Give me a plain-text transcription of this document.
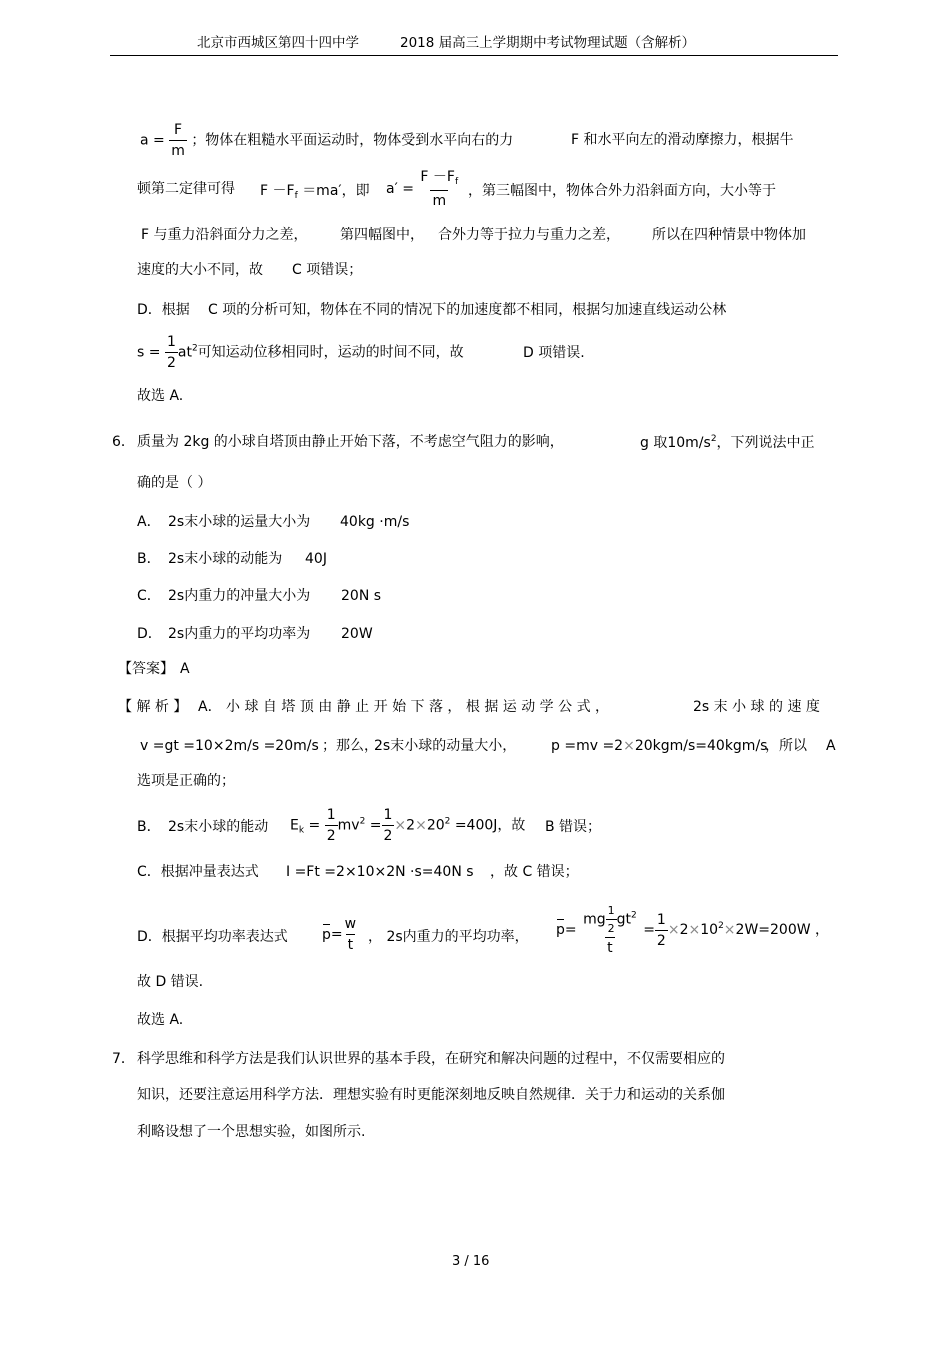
北京市西城区第四十四中学	2018 届高三上学期期中考试物理试题（含解析）
$a = \frac{F}{m}$ ；物体在粗糙水平面运动时，物体受到水平向右的力	F 和水平向左的滑动摩擦力，根据牛
顿第二定律可得 $F -F_f =ma'$，即 $a' = \frac{F -F_f}{m}$ ，第三幅图中，物体合外力沿斜面方向，大小等于
F 与重力沿斜面分力之差， 第四幅图中， 合外力等于拉力与重力之差， 所以在四种情景中物体加
速度的大小不同，故 C 项错误；
D．根据 C 项的分析可知，物体在不同的情况下的加速度都不相同，根据匀加速直线运动公林
$s = \frac{1}{2} at^2$可知运动位移相同时，运动的时间不同，故	D 项错误.
故选 A.
6． 质量为 2kg 的小球自塔顶由静止开始下落，不考虑空气阻力的影响，	g 取$10m/s^2$，下列说法中正
确的是（ ）
A． 2s末小球的运量大小为 40kg ·m/s
B． 2s末小球的动能为 40J
C． 2s内重力的冲量大小为 20N s
D． 2s内重力的平均功率为 20W
【答案】 A
【 解 析 】 A． 小 球 自 塔 顶 由 静 止 开 始 下 落 ， 根 据 运 动 学 公 式 ，	2s 末 小 球 的 速 度
v =gt =10×2m/s =20m/s ；那么，
2s末小球的动量大小， p =mv =2×20kgm/s=40kgm/s
，所以 A
选项是正确的；
B． 2s末小球的能动 $E_k = \frac{1}{2} mv^2 = \frac{1}{2} \times 2\times 20^2 =400J$，故 B 错误；
C．根据冲量表达式 I =Ft =2×10×2N ·s=40N s ，故 C 错误；
D．根据平均功率表达式 $p= \frac{w}{t}$ ， 2s内重力的平均功率， $p= \frac{mg \frac{1}{2} gt^2}{t} = \frac{1}{2} \times 2\times 10^2\times 2W=200W$ ，
故 D 错误.
故选 A.
7． 科学思维和科学方法是我们认识世界的基本手段，在研究和解决问题的过程中，不仅需要相应的
知识，还要注意运用科学方法．理想实验有时更能深刻地反映自然规律．关于力和运动的关系伽
利略设想了一个思想实验，如图所示.
3 / 16
